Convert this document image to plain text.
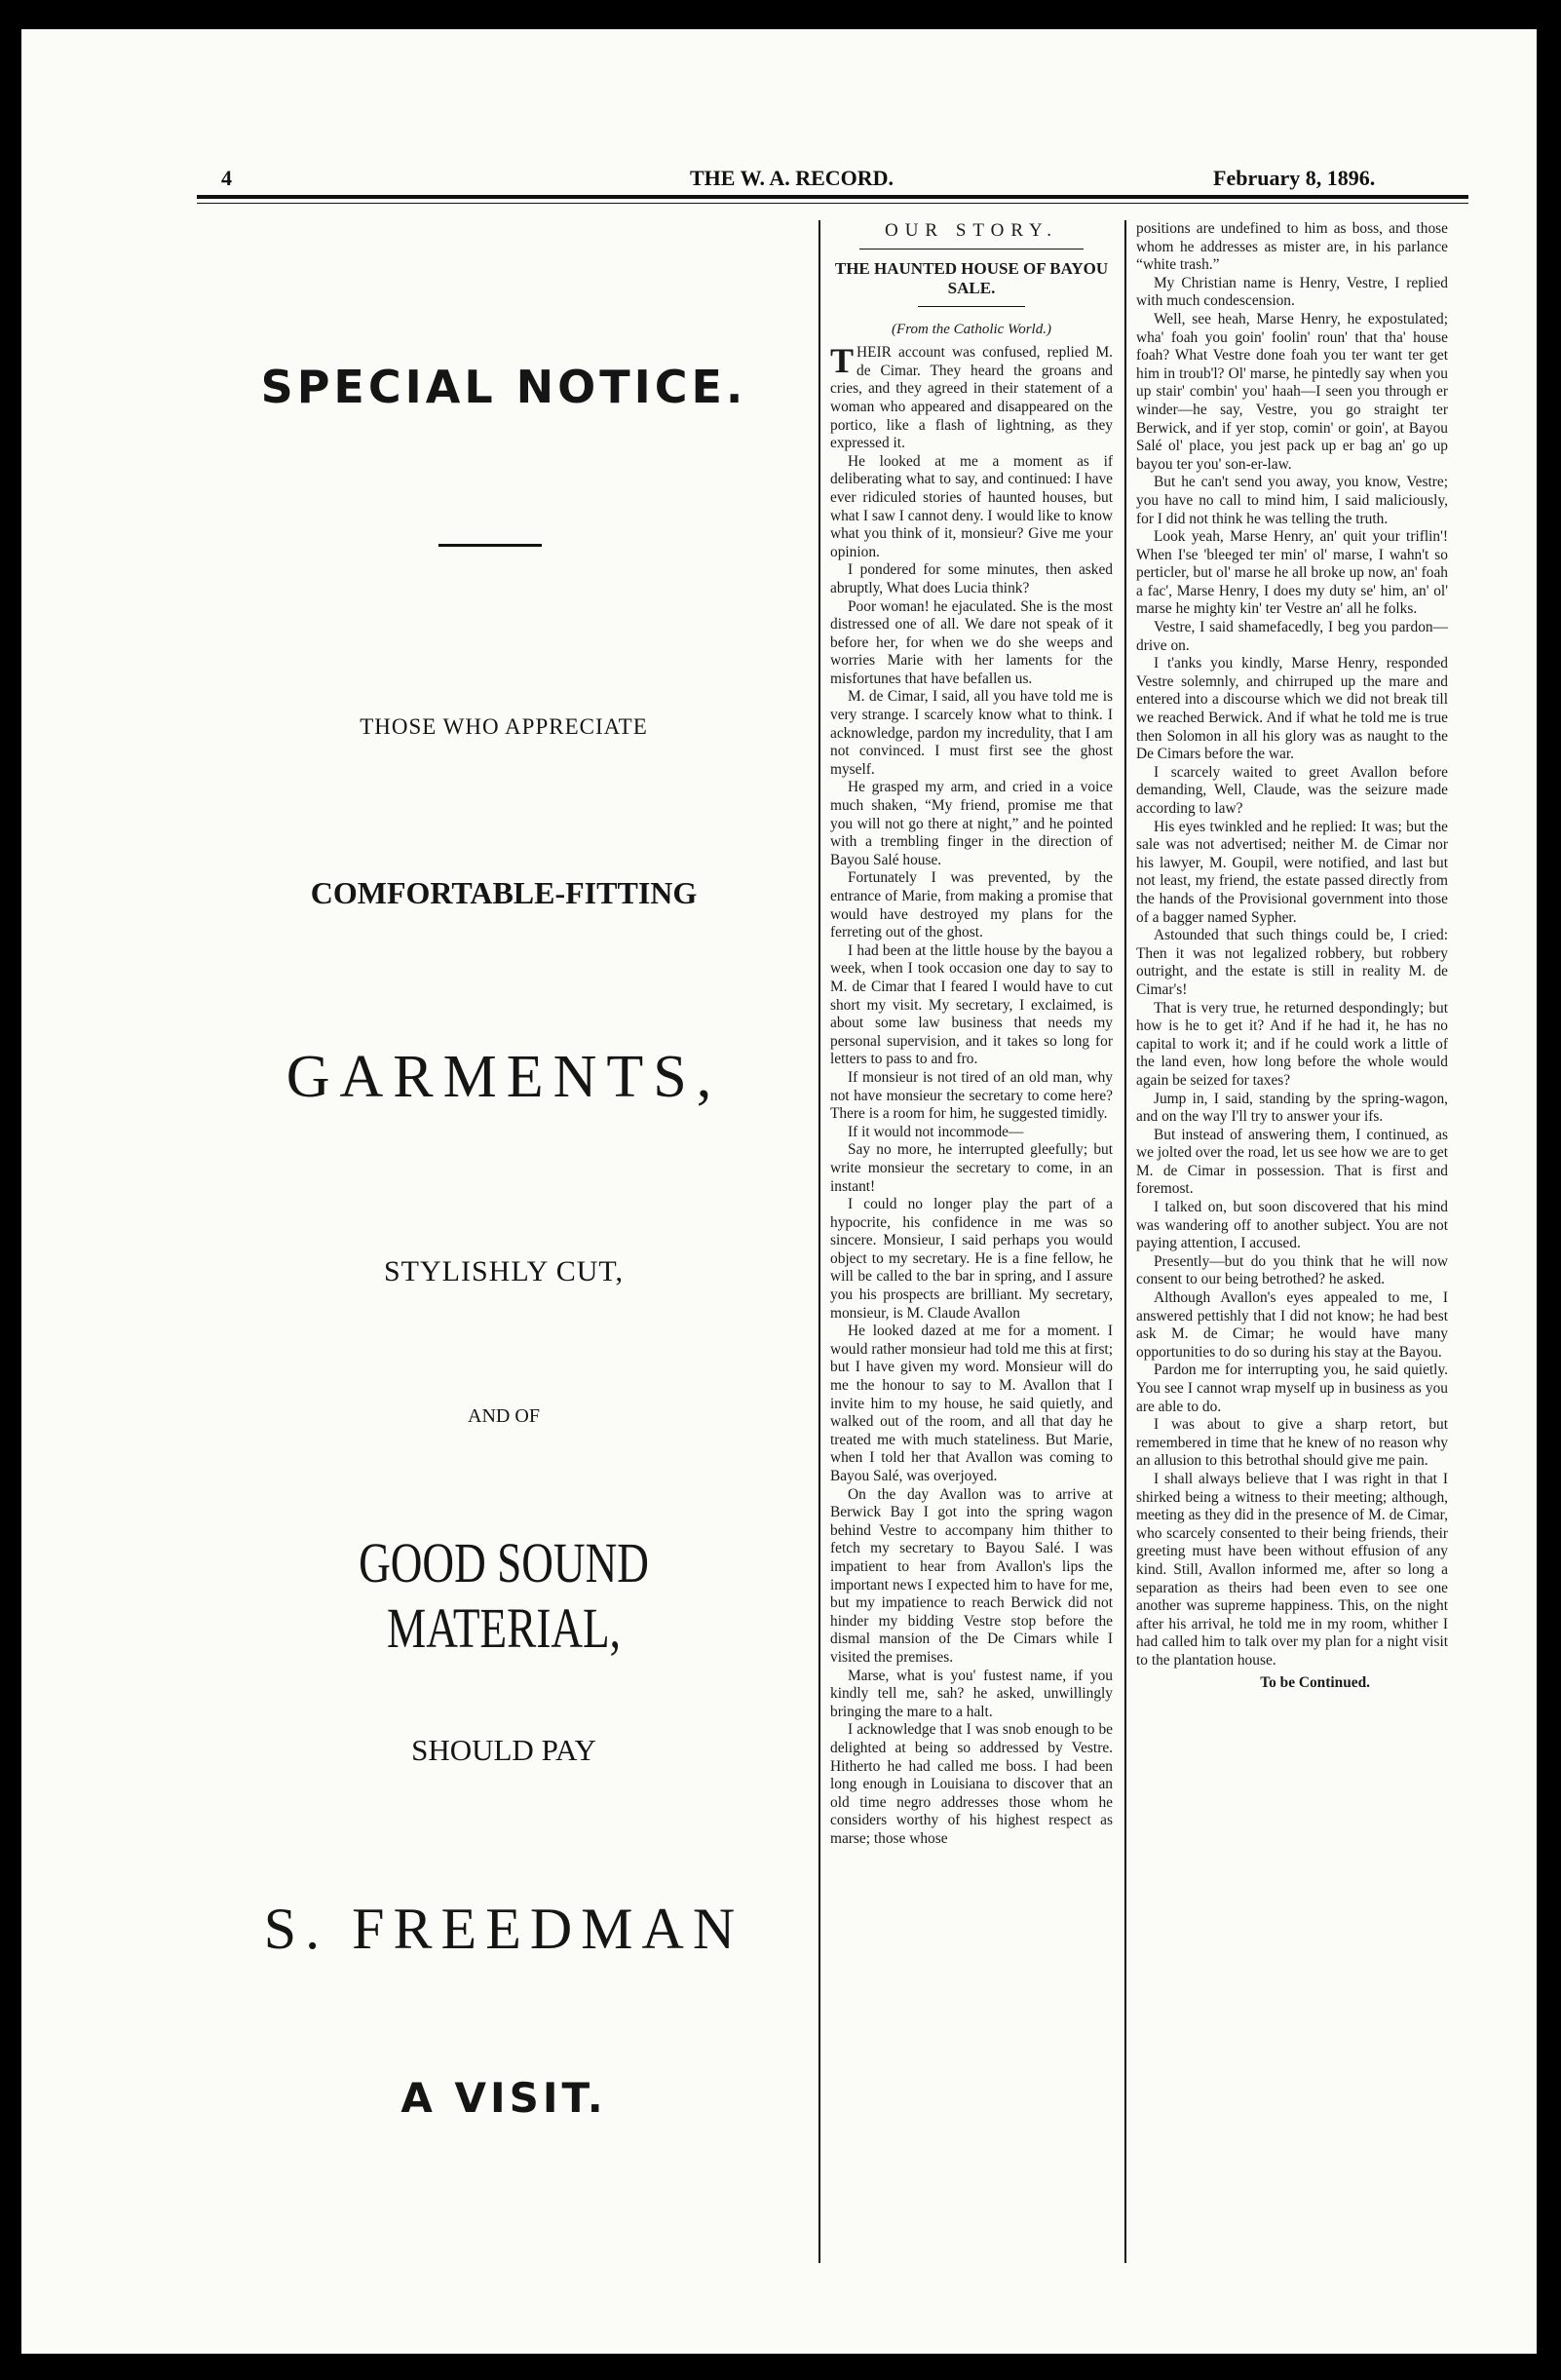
4	THE W. A. RECORD.	February 8, 1896.
SPECIAL NOTICE.
THOSE WHO APPRECIATE
COMFORTABLE-FITTING
GARMENTS,
STYLISHLY CUT,
AND OF
GOOD SOUND MATERIAL,
SHOULD PAY
S. FREEDMAN
A VISIT.
OUR STORY.
THE HAUNTED HOUSE OF BAYOU SALE.
(From the Catholic World.)

THEIR account was confused, replied M. de Cimar. They heard the groans and cries, and they agreed in their statement of a woman who appeared and disappeared on the portico, like a flash of lightning, as they expressed it.

He looked at me a moment as if deliberating what to say, and continued: I have ever ridiculed stories of haunted houses, but what I saw I cannot deny. I would like to know what you think of it, monsieur? Give me your opinion.

I pondered for some minutes, then asked abruptly, What does Lucia think?

Poor woman! he ejaculated. She is the most distressed one of all. We dare not speak of it before her, for when we do she weeps and worries Marie with her laments for the misfortunes that have befallen us.

M. de Cimar, I said, all you have told me is very strange. I scarcely know what to think. I acknowledge, pardon my incredulity, that I am not convinced. I must first see the ghost myself.

He grasped my arm, and cried in a voice much shaken, “My friend, promise me that you will not go there at night,” and he pointed with a trembling finger in the direction of Bayou Salé house.

Fortunately I was prevented, by the entrance of Marie, from making a promise that would have destroyed my plans for the ferreting out of the ghost.

I had been at the little house by the bayou a week, when I took occasion one day to say to M. de Cimar that I feared I would have to cut short my visit. My secretary, I exclaimed, is about some law business that needs my personal supervision, and it takes so long for letters to pass to and fro.

If monsieur is not tired of an old man, why not have monsieur the secretary to come here? There is a room for him, he suggested timidly.

If it would not incommode—

Say no more, he interrupted gleefully; but write monsieur the secretary to come, in an instant!

I could no longer play the part of a hypocrite, his confidence in me was so sincere. Monsieur, I said perhaps you would object to my secretary. He is a fine fellow, he will be called to the bar in spring, and I assure you his prospects are brilliant. My secretary, monsieur, is M. Claude Avallon

He looked dazed at me for a moment. I would rather monsieur had told me this at first; but I have given my word. Monsieur will do me the honour to say to M. Avallon that I invite him to my house, he said quietly, and walked out of the room, and all that day he treated me with much stateliness. But Marie, when I told her that Avallon was coming to Bayou Salé, was overjoyed.

On the day Avallon was to arrive at Berwick Bay I got into the spring wagon behind Vestre to accompany him thither to fetch my secretary to Bayou Salé. I was impatient to hear from Avallon's lips the important news I expected him to have for me, but my impatience to reach Berwick did not hinder my bidding Vestre stop before the dismal mansion of the De Cimars while I visited the premises.

Marse, what is you' fustest name, if you kindly tell me, sah? he asked, unwillingly bringing the mare to a halt.

I acknowledge that I was snob enough to be delighted at being so addressed by Vestre. Hitherto he had called me boss. I had been long enough in Louisiana to discover that an old time negro addresses those whom he considers worthy of his highest respect as marse; those whose

positions are undefined to him as boss, and those whom he addresses as mister are, in his parlance “white trash.”

My Christian name is Henry, Vestre, I replied with much condescension.

Well, see heah, Marse Henry, he expostulated; wha' foah you goin' foolin' roun' that tha' house foah? What Vestre done foah you ter want ter get him in troub'l? Ol' marse, he pintedly say when you up stair' combin' you' haah—I seen you through er winder—he say, Vestre, you go straight ter Berwick, and if yer stop, comin' or goin', at Bayou Salé ol' place, you jest pack up er bag an' go up bayou ter you' son-er-law.

But he can't send you away, you know, Vestre; you have no call to mind him, I said maliciously, for I did not think he was telling the truth.

Look yeah, Marse Henry, an' quit your triflin'! When I'se 'bleeged ter min' ol' marse, I wahn't so perticler, but ol' marse he all broke up now, an' foah a fac', Marse Henry, I does my duty se' him, an' ol' marse he mighty kin' ter Vestre an' all he folks.

Vestre, I said shamefacedly, I beg you pardon—drive on.

I t'anks you kindly, Marse Henry, responded Vestre solemnly, and chirruped up the mare and entered into a discourse which we did not break till we reached Berwick. And if what he told me is true then Solomon in all his glory was as naught to the De Cimars before the war.

I scarcely waited to greet Avallon before demanding, Well, Claude, was the seizure made according to law?

His eyes twinkled and he replied: It was; but the sale was not advertised; neither M. de Cimar nor his lawyer, M. Goupil, were notified, and last but not least, my friend, the estate passed directly from the hands of the Provisional government into those of a bagger named Sypher.

Astounded that such things could be, I cried: Then it was not legalized robbery, but robbery outright, and the estate is still in reality M. de Cimar's!

That is very true, he returned despondingly; but how is he to get it? And if he had it, he has no capital to work it; and if he could work a little of the land even, how long before the whole would again be seized for taxes?

Jump in, I said, standing by the spring-wagon, and on the way I'll try to answer your ifs.

But instead of answering them, I continued, as we jolted over the road, let us see how we are to get M. de Cimar in possession. That is first and foremost.

I talked on, but soon discovered that his mind was wandering off to another subject. You are not paying attention, I accused.

Presently—but do you think that he will now consent to our being betrothed? he asked.

Although Avallon's eyes appealed to me, I answered pettishly that I did not know; he had best ask M. de Cimar; he would have many opportunities to do so during his stay at the Bayou.

Pardon me for interrupting you, he said quietly. You see I cannot wrap myself up in business as you are able to do.

I was about to give a sharp retort, but remembered in time that he knew of no reason why an allusion to this betrothal should give me pain.

I shall always believe that I was right in that I shirked being a witness to their meeting; although, meeting as they did in the presence of M. de Cimar, who scarcely consented to their being friends, their greeting must have been without effusion of any kind. Still, Avallon informed me, after so long a separation as theirs had been even to see one another was supreme happiness. This, on the night after his arrival, he told me in my room, whither I had called him to talk over my plan for a night visit to the plantation house.

To be Continued.
